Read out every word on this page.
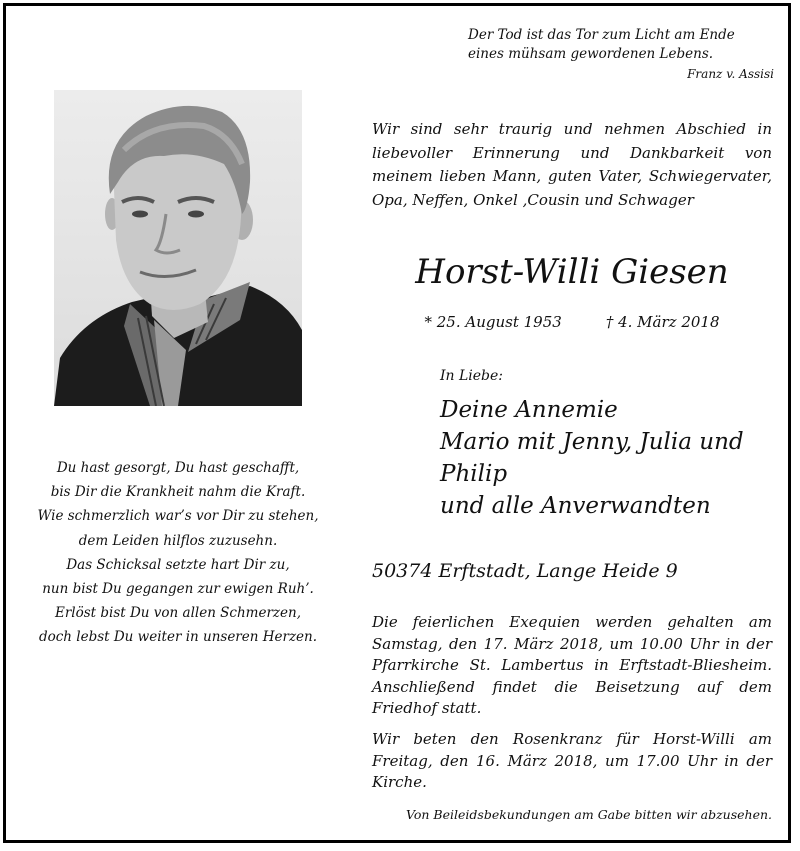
Der Tod ist das Tor zum Licht am Ende
eines mühsam gewordenen Lebens.
Franz v. Assisi
Wir sind sehr traurig und nehmen Abschied in liebevoller Erinnerung und Dankbarkeit von meinem lieben Mann, guten Vater, Schwiegervater, Opa, Neffen, Onkel ,Cousin und Schwager
Horst-Willi Giesen
* 25. August 1953	† 4. März 2018
In Liebe:
Deine Annemie
Mario mit Jenny, Julia und
Philip
und alle Anverwandten
50374 Erftstadt, Lange Heide 9
Die feierlichen Exequien werden gehalten am Samstag, den 17. März 2018, um 10.00 Uhr in der Pfarrkirche St. Lambertus in Erftstadt-Bliesheim. Anschließend findet die Beisetzung auf dem Friedhof statt.
Wir beten den Rosenkranz für Horst-Willi am Freitag, den 16. März 2018, um 17.00 Uhr in der Kirche.
Von Beileidsbekundungen am Gabe bitten wir abzusehen.
Du hast gesorgt, Du hast geschafft,
bis Dir die Krankheit nahm die Kraft.
Wie schmerzlich war’s vor Dir zu stehen,
dem Leiden hilflos zuzusehn.
Das Schicksal setzte hart Dir zu,
nun bist Du gegangen zur ewigen Ruh’.
Erlöst bist Du von allen Schmerzen,
doch lebst Du weiter in unseren Herzen.
